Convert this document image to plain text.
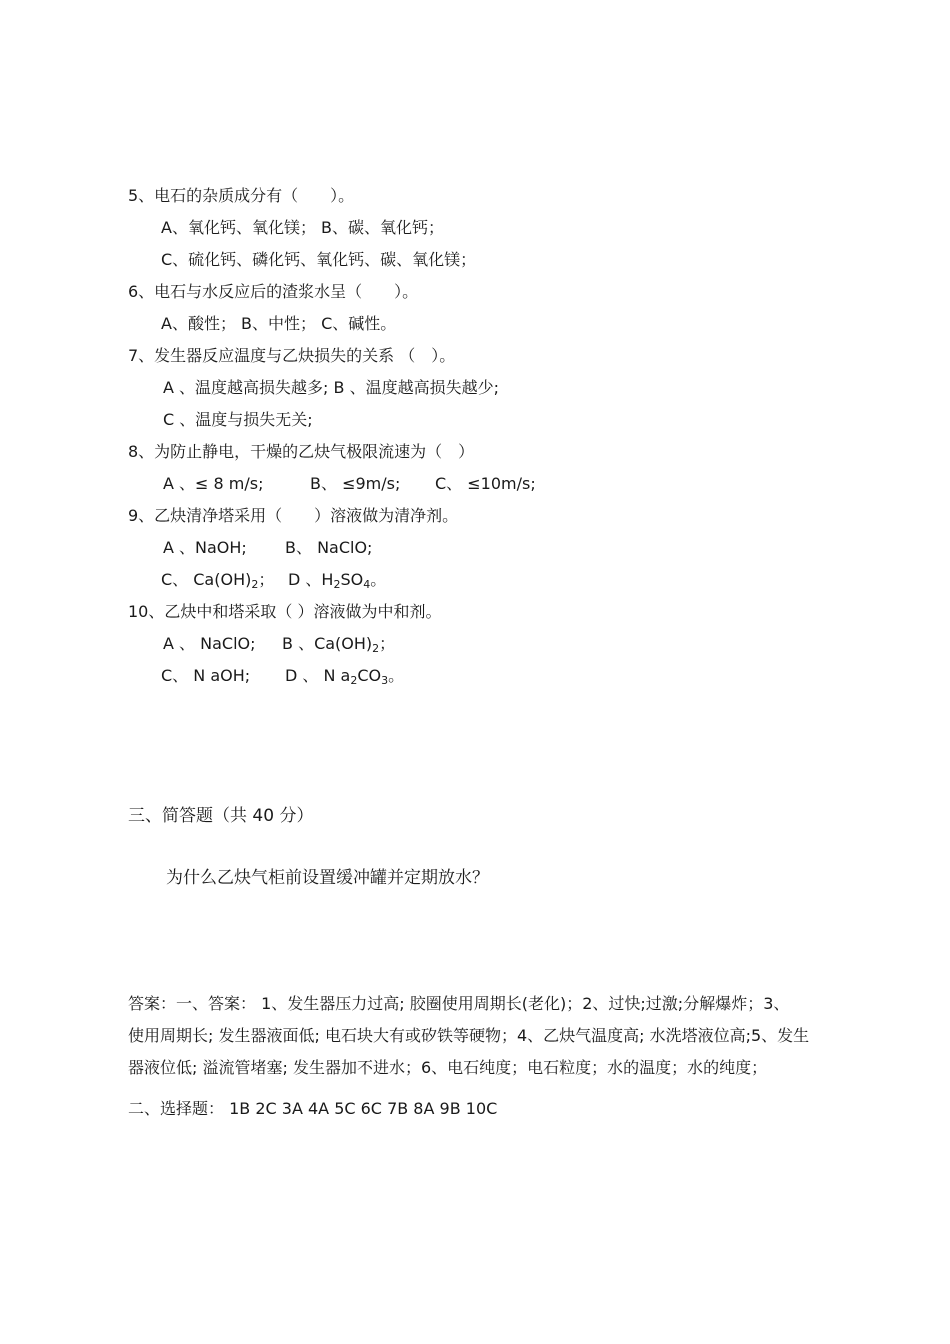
5、电石的杂质成分有（　　）。
A、氧化钙、氧化镁； B、碳、氧化钙；
C、硫化钙、磷化钙、氧化钙、碳、氧化镁；
6、电石与水反应后的渣浆水呈（　　）。
A、酸性； B、中性； C、碱性。
7、发生器反应温度与乙炔损失的关系 （　）。
A 、温度越高损失越多; B 、温度越高损失越少;
C 、温度与损失无关;
8、为防止静电，干燥的乙炔气极限流速为（　）
A 、≤ 8 m/s;	B、 ≤9m/s; C、 ≤10m/s;
9、乙炔清净塔采用（　　）溶液做为清净剂。
A 、NaOH; B、 NaClO;
C、 $Ca(OH)_2$； D 、$H_2SO_4$。
10、乙炔中和塔采取（ ）溶液做为中和剂。
A 、 NaClO; B 、$Ca(OH)_2$；
C、 N aOH; D 、 N $a_2CO_3$。
三、简答题（共 40 分）
为什么乙炔气柜前设置缓冲罐并定期放水？
答案：一、答案： 1、发生器压力过高; 胶圈使用周期长(老化)；2、过快;过激;分解爆炸；3、
使用周期长; 发生器液面低; 电石块大有或矽铁等硬物；4、乙炔气温度高; 水洗塔液位高;5、发生
器液位低; 溢流管堵塞; 发生器加不进水；6、电石纯度；电石粒度；水的温度；水的纯度；
二、选择题： 1B 2C 3A 4A 5C 6C 7B 8A 9B 10C
